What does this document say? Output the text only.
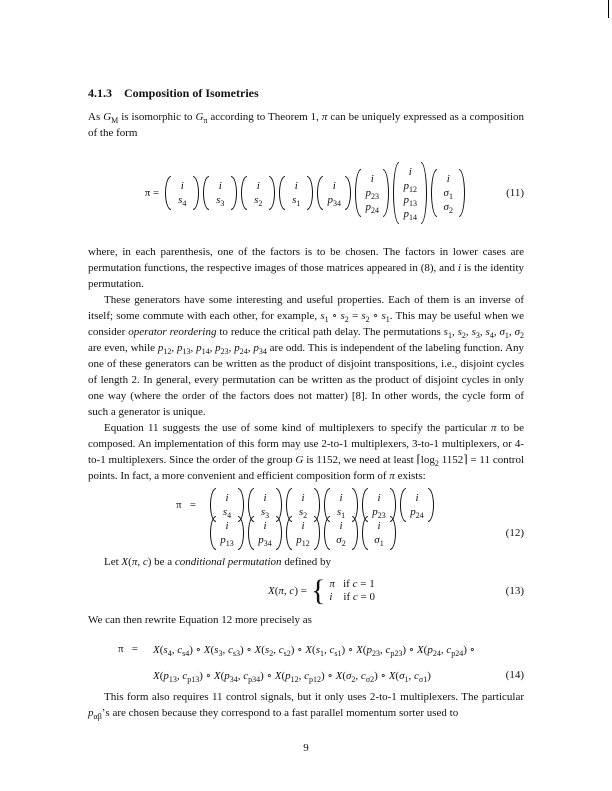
4.1.3 Composition of Isometries
As $G_M$ is isomorphic to $G_\pi$ according to Theorem 1, π can be uniquely expressed as a composition of the form
π =
i
$s_4$
i
$s_3$
i
$s_2$
i
$s_1$
i
$p_{34}$
i
$p_{23}$
$p_{24}$
i
$p_{12}$
$p_{13}$
$p_{14}$
i
$\sigma_1$
$\sigma_2$
(11)
where, in each parenthesis, one of the factors is to be chosen. The factors in lower cases are permutation functions, the respective images of those matrices appeared in (8), and i is the identity permutation.
These generators have some interesting and useful properties. Each of them is an inverse of itself; some commute with each other, for example, $s_1$ ∘ $s_2 = s_2$ ∘ $s_1$. This may be useful when we consider operator reordering to reduce the critical path delay. The permutations $s_1$, $s_2$, $s_3$, $s_4$, $\sigma_1$, $\sigma_2$ are even, while $p_{12}$, $p_{13}$, $p_{14}$, $p_{23}$, $p_{24}$, $p_{34}$ are odd. This is independent of the labeling function. Any one of these generators can be written as the product of disjoint transpositions, i.e., disjoint cycles of length 2. In general, every permutation can be written as the product of disjoint cycles in only one way (where the order of the factors does not matter) [8]. In other words, the cycle form of such a generator is unique.
Equation 11 suggests the use of some kind of multiplexers to specify the particular π to be composed. An implementation of this form may use 2-to-1 multiplexers, 3-to-1 multiplexers, or 4-to-1 multiplexers. Since the order of the group G is 1152, we need at least $⌈\log_2$ 1152⌉ = 11 control points. In fact, a more convenient and efficient composition form of π exists:
π   =
i
$s_4$
i
$s_3$
i
$s_2$
i
$s_1$
i
$p_{23}$
i
$p_{24}$
i
$p_{13}$
i
$p_{34}$
i
$p_{12}$
i
$\sigma_2$
i
$\sigma_1$
(12)
Let X(π, c) be a conditional permutation defined by
X(π, c) = { π   if c = 1
i    if c = 0	(13)
We can then rewrite Equation 12 more precisely as
$\pi = X(s_4$, $c_{s4}$) ∘ $X(s_3$, $c_{s3}$) ∘ $X(s_2$, $c_{s2}$) ∘ $X(s_1$, $c_{s1}$) ∘ $X(p_{23}$, $c_{p23}$) ∘ $X(p_{24}$, $c_{p24}$) ∘
$X(p_{13}$, $c_{p13}$) ∘ $X(p_{34}$, $c_{p34}$) ∘ $X(p_{12}$, $c_{p12}$) ∘ $X(\sigma_2$, $c_{\sigma 2}$) ∘ $X(\sigma_1$, $c_{\sigma 1}$)	(14)
This form also requires 11 control signals, but it only uses 2-to-1 multiplexers. The particular $p_{\alpha\beta}’s$ are chosen because they correspond to a fast parallel momentum sorter used to
9
